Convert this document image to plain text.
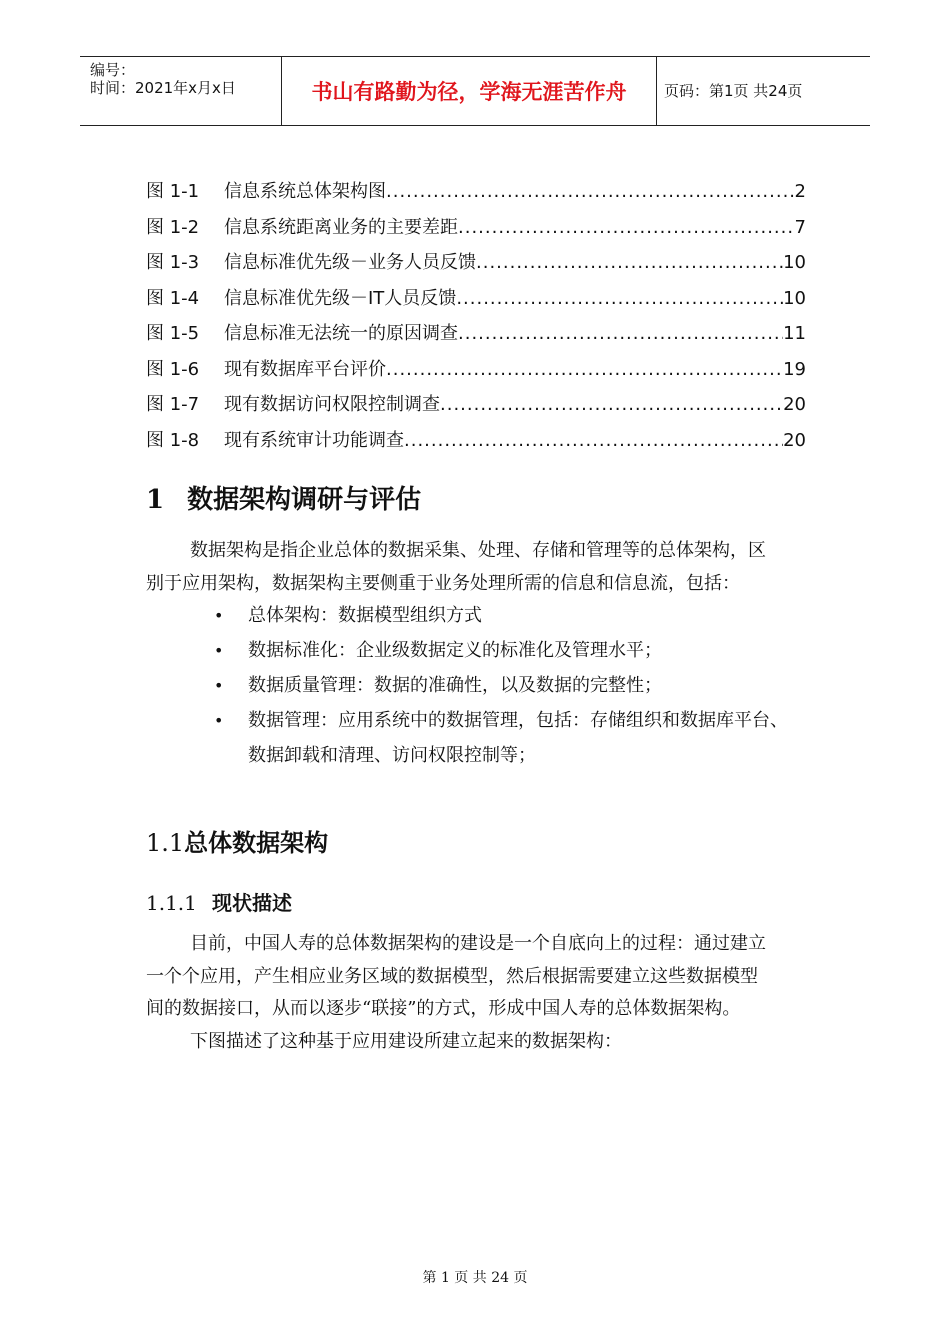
编号：
时间：2021年x月x日	书山有路勤为径，学海无涯苦作舟	页码：第1页 共24页
图 1-1	信息系统总体架构图 .....	2
图 1-2	信息系统距离业务的主要差距 .....	7
图 1-3	信息标准优先级－业务人员反馈 .....	10
图 1-4	信息标准优先级－IT人员反馈 .....	10
图 1-5	信息标准无法统一的原因调查 .....	11
图 1-6	现有数据库平台评价 .....	19
图 1-7	现有数据访问权限控制调查 .....	20
图 1-8	现有系统审计功能调查 .....	20
1 数据架构调研与评估
数据架构是指企业总体的数据采集、处理、存储和管理等的总体架构，区
别于应用架构，数据架构主要侧重于业务处理所需的信息和信息流，包括：
• 总体架构：数据模型组织方式
• 数据标准化：企业级数据定义的标准化及管理水平；
• 数据质量管理：数据的准确性，以及数据的完整性；
• 数据管理：应用系统中的数据管理，包括：存储组织和数据库平台、
数据卸载和清理、访问权限控制等；
1.1总体数据架构
1.1.1 现状描述
目前，中国人寿的总体数据架构的建设是一个自底向上的过程：通过建立
一个个应用，产生相应业务区域的数据模型，然后根据需要建立这些数据模型
间的数据接口，从而以逐步“联接”的方式，形成中国人寿的总体数据架构。
下图描述了这种基于应用建设所建立起来的数据架构：
第 1 页 共 24 页
